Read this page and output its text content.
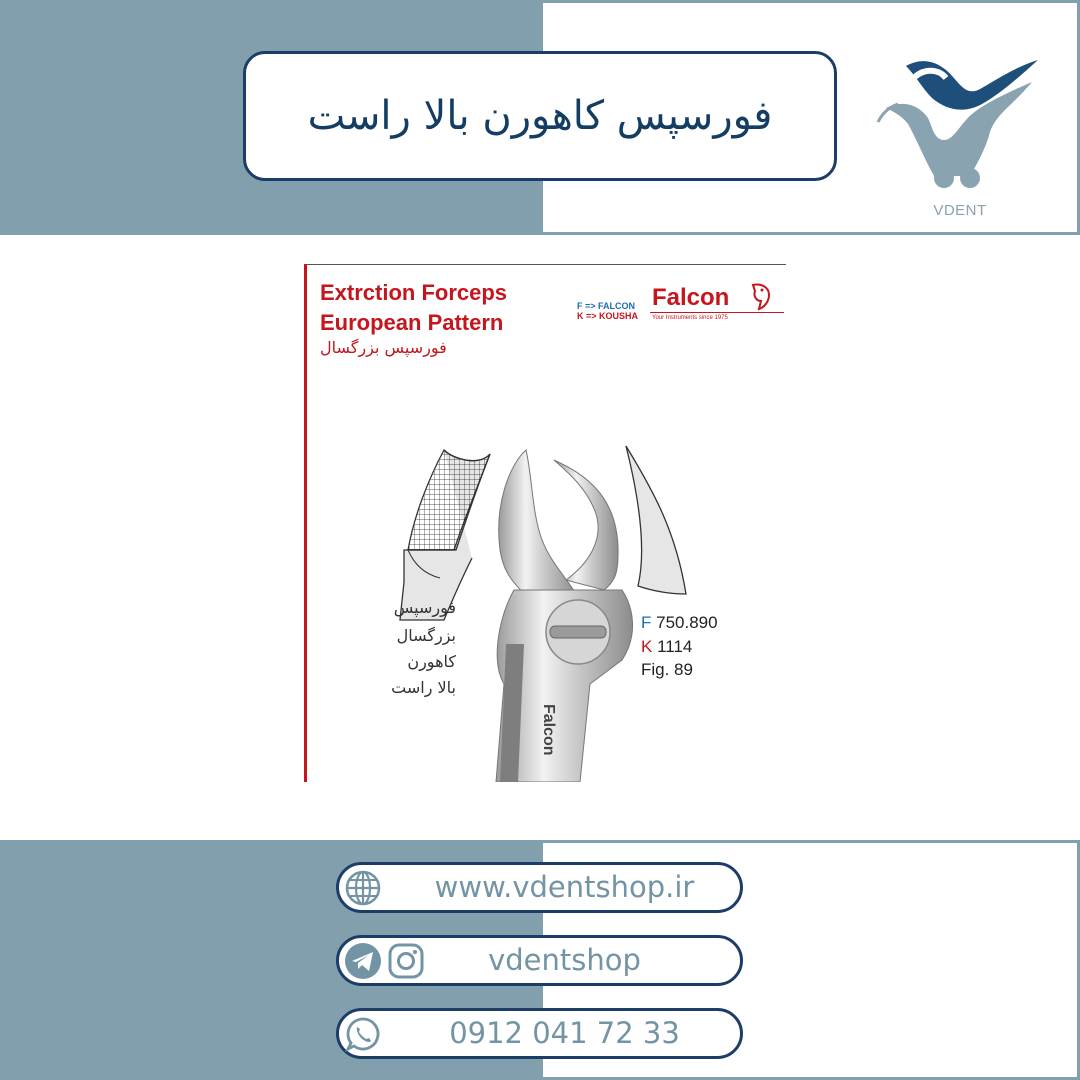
فورسپس کاهورن بالا راست
VDENT
Extrction Forceps
European Pattern
فورسپس بزرگسال
F => FALCON
K => KOUSHA
Falcon
Your Instruments since 1975
Falcon
فورسپس
بزرگسال
کاهورن
بالا راست
F 750.890
K 1114
Fig. 89
www.vdentshop.ir
vdentshop
0912 041 72 33
